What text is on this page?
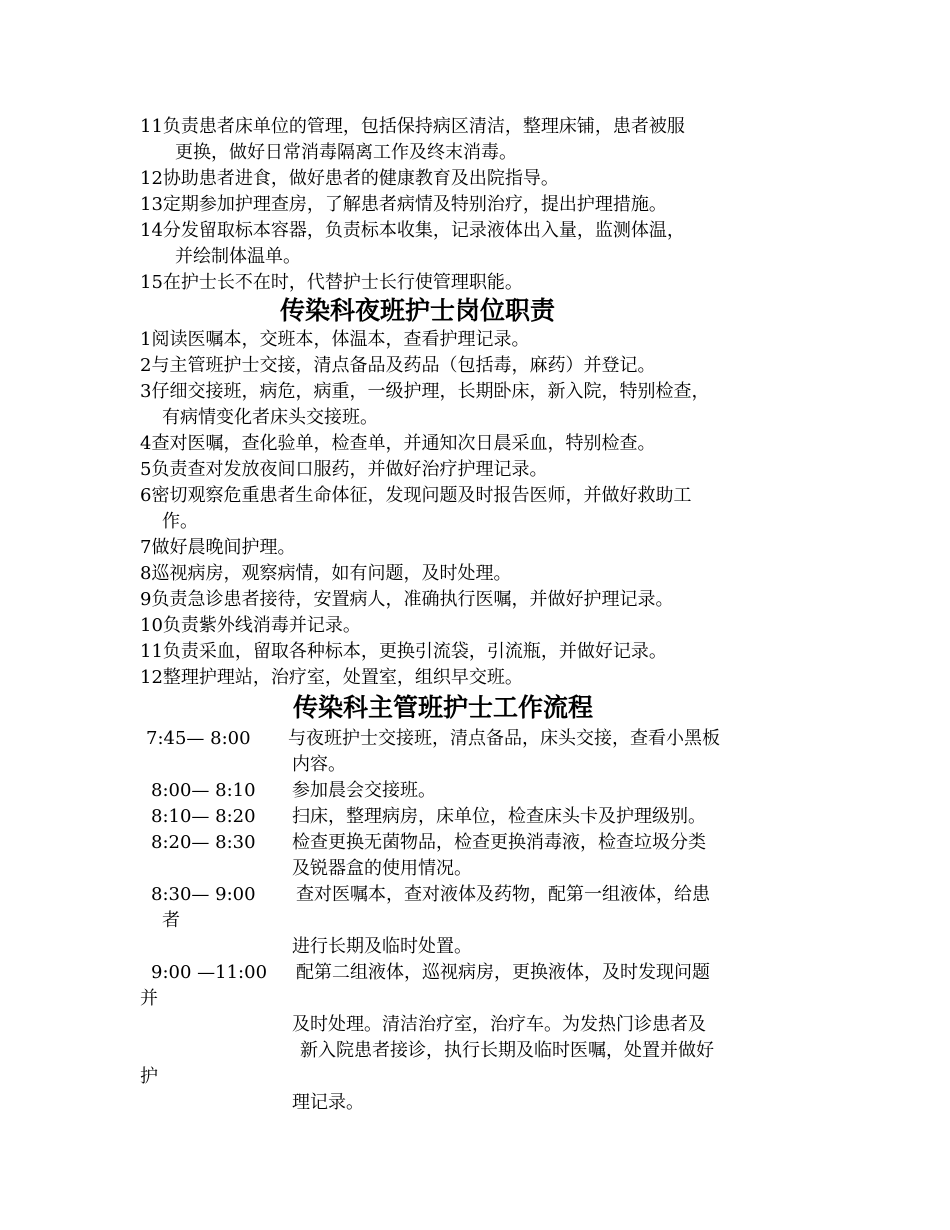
11负责患者床单位的管理，包括保持病区清洁，整理床铺，患者被服
更换，做好日常消毒隔离工作及终末消毒。
12协助患者进食，做好患者的健康教育及出院指导。
13定期参加护理查房，了解患者病情及特别治疗，提出护理措施。
14分发留取标本容器，负责标本收集，记录液体出入量，监测体温，
并绘制体温单。
15在护士长不在时，代替护士长行使管理职能。
传染科夜班护士岗位职责
1阅读医嘱本，交班本，体温本，查看护理记录。
2与主管班护士交接，清点备品及药品（包括毒，麻药）并登记。
3仔细交接班，病危，病重，一级护理，长期卧床，新入院，特别检查，
有病情变化者床头交接班。
4查对医嘱，查化验单，检查单，并通知次日晨采血，特别检查。
5负责查对发放夜间口服药，并做好治疗护理记录。
6密切观察危重患者生命体征，发现问题及时报告医师，并做好救助工
作。
7做好晨晚间护理。
8巡视病房，观察病情，如有问题，及时处理。
9负责急诊患者接待，安置病人，准确执行医嘱，并做好护理记录。
10负责紫外线消毒并记录。
11负责采血，留取各种标本，更换引流袋，引流瓶，并做好记录。
12整理护理站，治疗室，处置室，组织早交班。
传染科主管班护士工作流程
7:45— 8:00 与夜班护士交接班，清点备品，床头交接，查看小黑板
内容。
8:00— 8:10 参加晨会交接班。
8:10— 8:20 扫床，整理病房，床单位，检查床头卡及护理级别。
8:20— 8:30 检查更换无菌物品，检查更换消毒液，检查垃圾分类
及锐器盒的使用情况。
8:30— 9:00 查对医嘱本，查对液体及药物，配第一组液体，给患
者
进行长期及临时处置。
9:00 —11:00 配第二组液体，巡视病房，更换液体，及时发现问题
并
及时处理。清洁治疗室，治疗车。为发热门诊患者及
新入院患者接诊，执行长期及临时医嘱，处置并做好
护
理记录。
